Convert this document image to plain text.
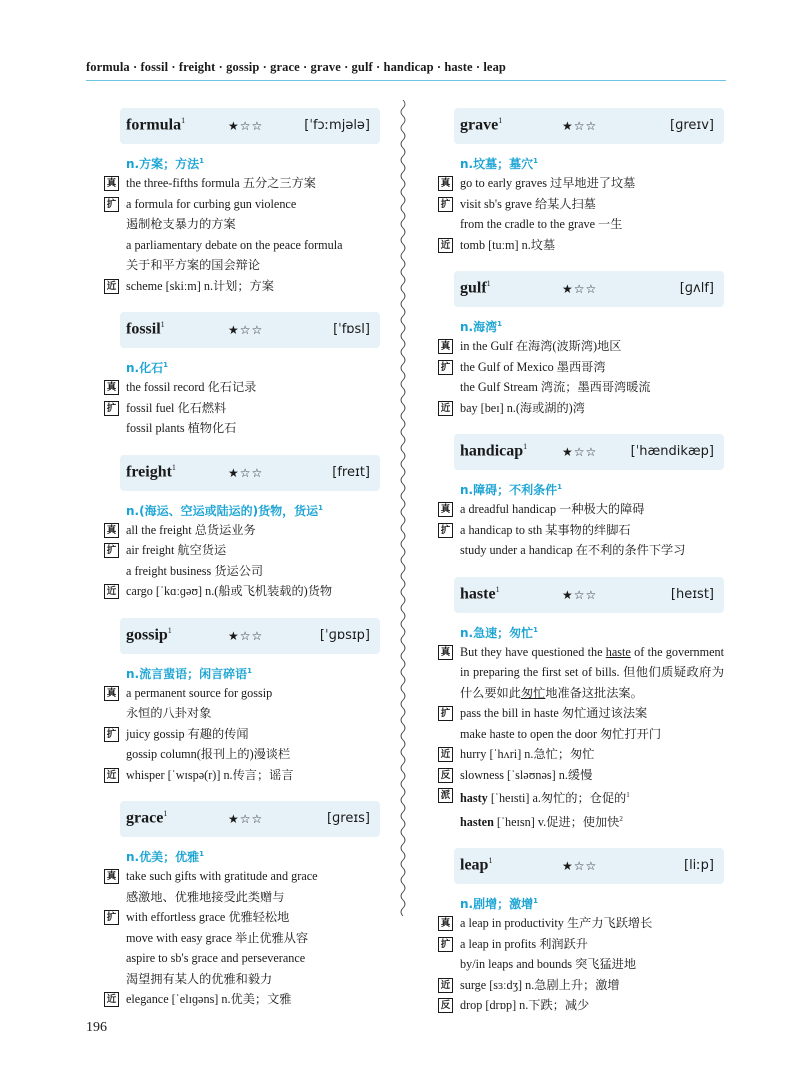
formula · fossil · freight · gossip · grace · grave · gulf · handicap · haste · leap
formula$^1$	★☆☆	[ˈfɔːmjələ]
n.方案；方法$^1$
真 the three-fifths formula 五分之三方案
扩 a formula for curbing gun violence
遏制枪支暴力的方案
a parliamentary debate on the peace formula
关于和平方案的国会辩论
近 scheme [skiːm] n.计划；方案
fossil$^1$	★☆☆	[ˈfɒsl]
n.化石$^1$
真 the fossil record 化石记录
扩 fossil fuel 化石燃料
fossil plants 植物化石
freight$^1$	★☆☆	[freɪt]
n.(海运、空运或陆运的)货物，货运$^1$
真 all the freight 总货运业务
扩 air freight 航空货运
a freight business 货运公司
近 cargo [ˈkɑːɡəʊ] n.(船或飞机装载的)货物
gossip$^1$	★☆☆	[ˈɡɒsɪp]
n.流言蜚语；闲言碎语$^1$
真 a permanent source for gossip
永恒的八卦对象
扩 juicy gossip 有趣的传闻
gossip column(报刊上的)漫谈栏
近 whisper [ˈwɪspə(r)] n.传言；谣言
grace$^1$	★☆☆	[ɡreɪs]
n.优美；优雅$^1$
真 take such gifts with gratitude and grace
感激地、优雅地接受此类赠与
扩 with effortless grace 优雅轻松地
move with easy grace 举止优雅从容
aspire to sb's grace and perseverance
渴望拥有某人的优雅和毅力
近 elegance [ˈelɪɡəns] n.优美；文雅
grave$^1$	★☆☆	[ɡreɪv]
n.坟墓；墓穴$^1$
真 go to early graves 过早地进了坟墓
扩 visit sb's grave 给某人扫墓
from the cradle to the grave 一生
近 tomb [tuːm] n.坟墓
gulf$^1$	★☆☆	[ɡʌlf]
n.海湾$^1$
真 in the Gulf 在海湾(波斯湾)地区
扩 the Gulf of Mexico 墨西哥湾
the Gulf Stream 湾流；墨西哥湾暖流
近 bay [beɪ] n.(海或湖的)湾
handicap$^1$	★☆☆	[ˈhændikæp]
n.障碍；不利条件$^1$
真 a dreadful handicap 一种极大的障碍
扩 a handicap to sth 某事物的绊脚石
study under a handicap 在不利的条件下学习
haste$^1$	★☆☆	[heɪst]
n.急速；匆忙$^1$
真 But they have questioned the haste of the government in preparing the first set of bills. 但他们质疑政府为什么要如此匆忙地准备这批法案。
扩 pass the bill in haste 匆忙通过该法案
make haste to open the door 匆忙打开门
近 hurry [ˈhʌri] n.急忙；匆忙
反 slowness [ˈsləʊnəs] n.缓慢
派 hasty [ˈheɪsti] a.匆忙的；仓促的$^1$
hasten [ˈheɪsn] v.促进；使加快$^2$
leap$^1$	★☆☆	[liːp]
n.剧增；激增$^1$
真 a leap in productivity 生产力飞跃增长
扩 a leap in profits 利润跃升
by/in leaps and bounds 突飞猛进地
近 surge [sɜːdʒ] n.急剧上升；激增
反 drop [drɒp] n.下跌；减少
196
